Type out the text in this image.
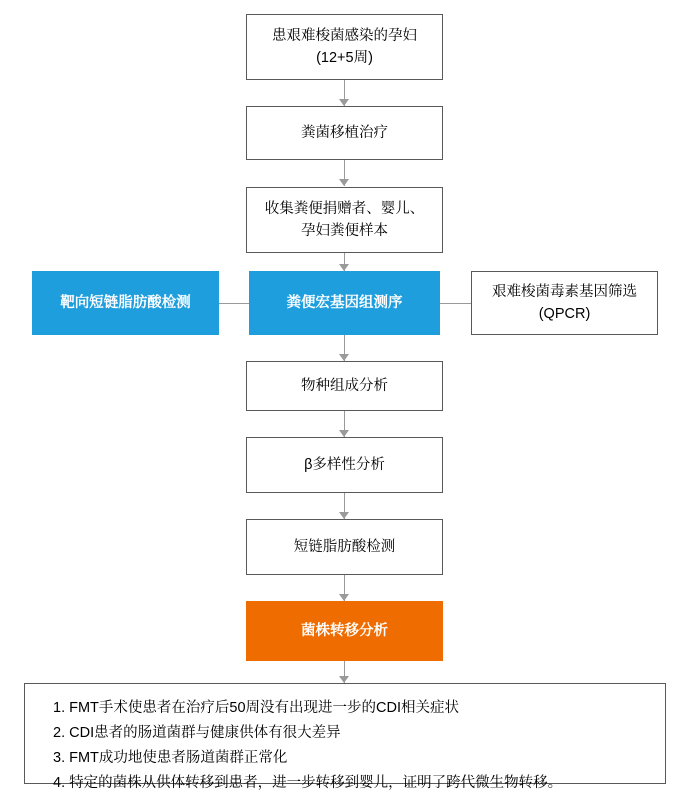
患艰难梭菌感染的孕妇
(12+5周)
粪菌移植治疗
收集粪便捐赠者、婴儿、
孕妇粪便样本
靶向短链脂肪酸检测	粪便宏基因组测序
艰难梭菌毒素基因筛选
(QPCR)
物种组成分析
β多样性分析
短链脂肪酸检测
菌株转移分析
1. FMT手术使患者在治疗后50周没有出现进一步的CDI相关症状
2. CDI患者的肠道菌群与健康供体有很大差异
3. FMT成功地使患者肠道菌群正常化
4. 特定的菌株从供体转移到患者，进一步转移到婴儿，证明了跨代微生物转移。
